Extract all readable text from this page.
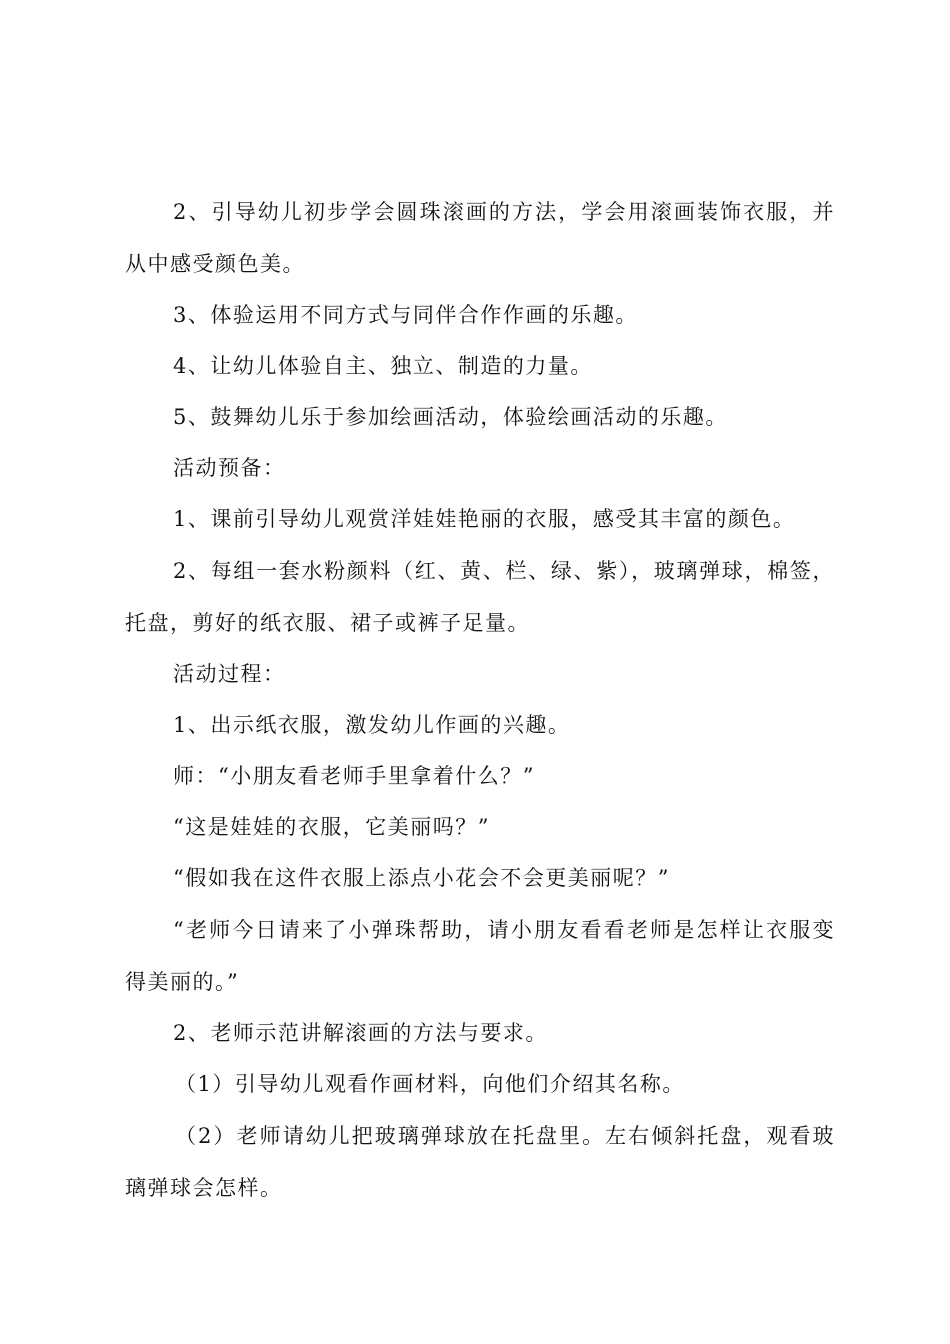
2、引导幼儿初步学会圆珠滚画的方法，学会用滚画装饰衣服，并从中感受颜色美。

3、体验运用不同方式与同伴合作作画的乐趣。

4、让幼儿体验自主、独立、制造的力量。

5、鼓舞幼儿乐于参加绘画活动，体验绘画活动的乐趣。

活动预备：

1、课前引导幼儿观赏洋娃娃艳丽的衣服，感受其丰富的颜色。

2、每组一套水粉颜料（红、黄、栏、绿、紫），玻璃弹球，棉签，托盘，剪好的纸衣服、裙子或裤子足量。

活动过程：

1、出示纸衣服，激发幼儿作画的兴趣。

师：“小朋友看老师手里拿着什么？”

“这是娃娃的衣服，它美丽吗？”

“假如我在这件衣服上添点小花会不会更美丽呢？”

“老师今日请来了小弹珠帮助，请小朋友看看老师是怎样让衣服变得美丽的。”

2、老师示范讲解滚画的方法与要求。

（1）引导幼儿观看作画材料，向他们介绍其名称。

（2）老师请幼儿把玻璃弹球放在托盘里。左右倾斜托盘，观看玻璃弹球会怎样。
